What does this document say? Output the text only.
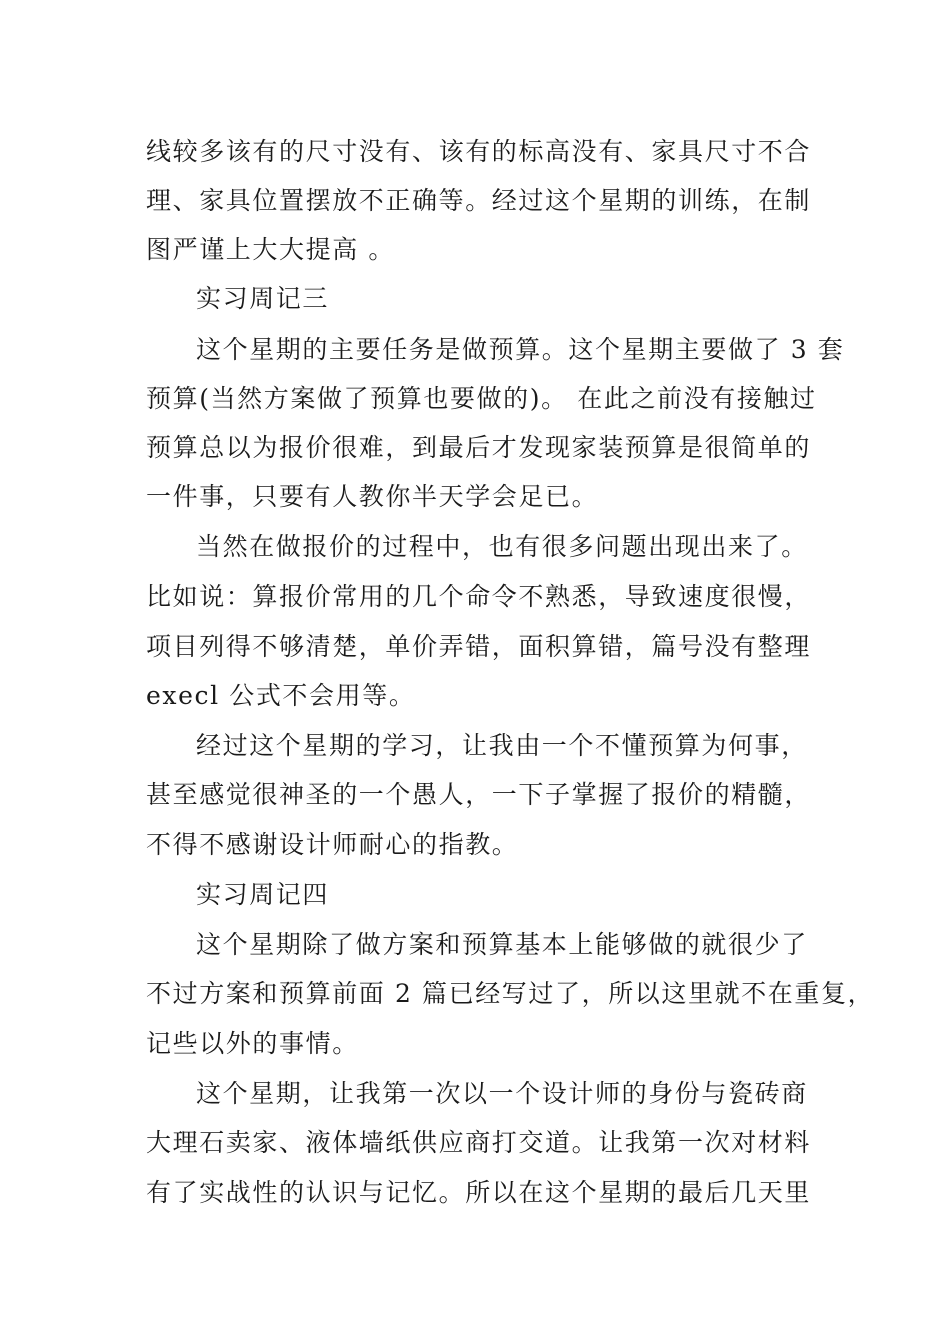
线较多该有的尺寸没有、该有的标高没有、家具尺寸不合
理、家具位置摆放不正确等。经过这个星期的训练，在制
图严谨上大大提高 。
实习周记三
这个星期的主要任务是做预算。这个星期主要做了 3 套
预算(当然方案做了预算也要做的)。 在此之前没有接触过
预算总以为报价很难，到最后才发现家装预算是很简单的
一件事，只要有人教你半天学会足已。
当然在做报价的过程中，也有很多问题出现出来了。
比如说：算报价常用的几个命令不熟悉，导致速度很慢，
项目列得不够清楚，单价弄错，面积算错，篇号没有整理
execl 公式不会用等。
经过这个星期的学习，让我由一个不懂预算为何事，
甚至感觉很神圣的一个愚人，一下子掌握了报价的精髓，
不得不感谢设计师耐心的指教。
实习周记四
这个星期除了做方案和预算基本上能够做的就很少了
不过方案和预算前面 2 篇已经写过了，所以这里就不在重复，
记些以外的事情。
这个星期，让我第一次以一个设计师的身份与瓷砖商
大理石卖家、液体墙纸供应商打交道。让我第一次对材料
有了实战性的认识与记忆。所以在这个星期的最后几天里
